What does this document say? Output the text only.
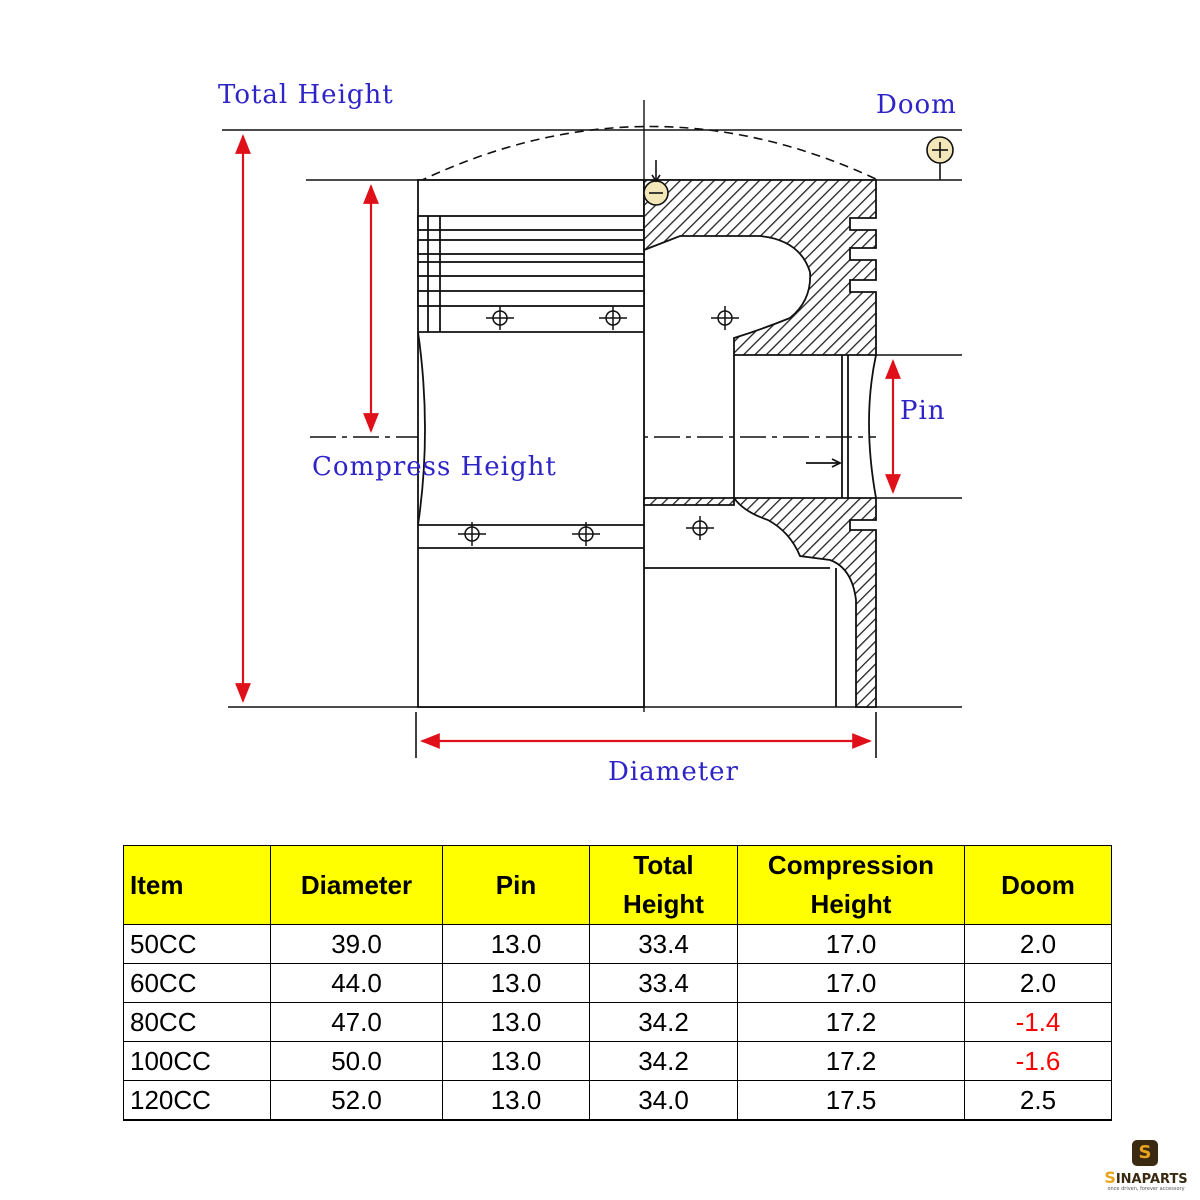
Total Height	Doom
Pin
Compress Height
Diameter
Item	Diameter	Pin	Total Height	Compression Height	Doom
50CC	39.0	13.0	33.4	17.0	2.0
60CC	44.0	13.0	33.4	17.0	2.0
80CC	47.0	13.0	34.2	17.2	-1.4
100CC	50.0	13.0	34.2	17.2	-1.6
120CC	52.0	13.0	34.0	17.5	2.5
S
SINAPARTS
once driven, forever accessory
